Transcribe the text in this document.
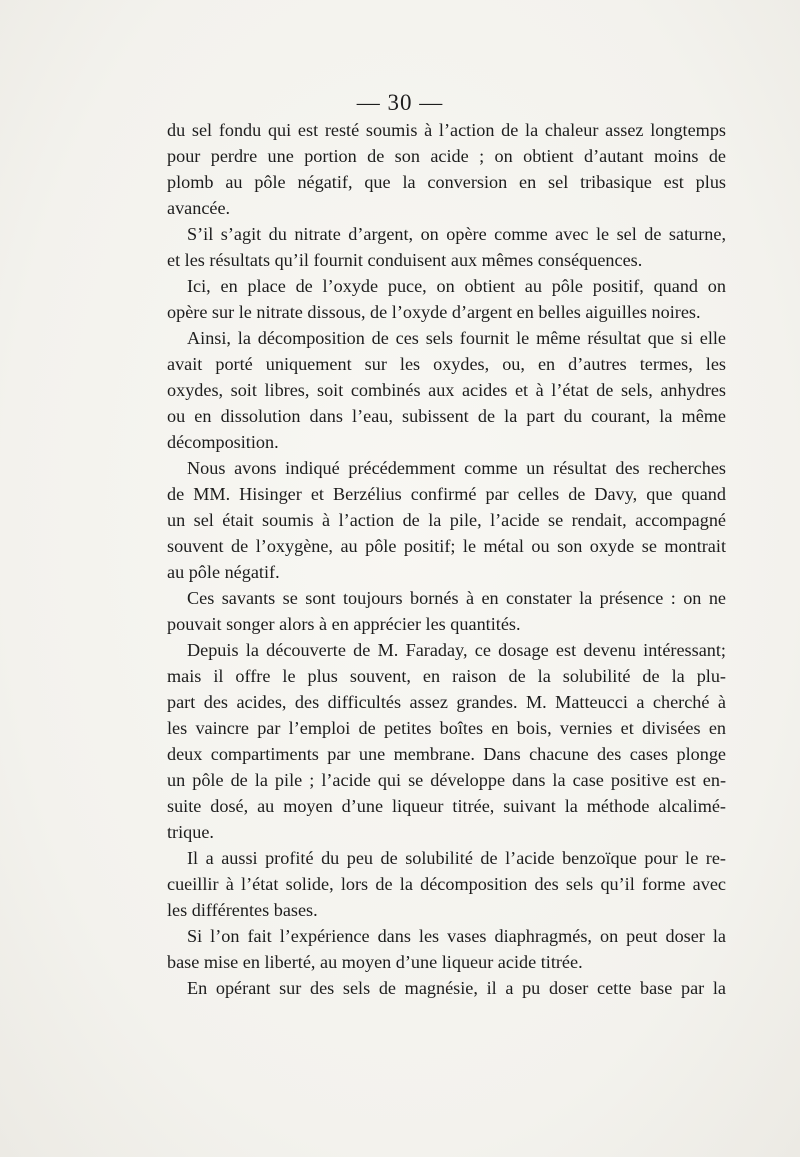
— 30 —
du sel fondu qui est resté soumis à l’action de la chaleur assez longtemps
pour perdre une portion de son acide ; on obtient d’autant moins de
plomb au pôle négatif, que la conversion en sel tribasique est plus
avancée.
S’il s’agit du nitrate d’argent, on opère comme avec le sel de saturne,
et les résultats qu’il fournit conduisent aux mêmes conséquences.
Ici, en place de l’oxyde puce, on obtient au pôle positif, quand on
opère sur le nitrate dissous, de l’oxyde d’argent en belles aiguilles noires.
Ainsi, la décomposition de ces sels fournit le même résultat que si elle
avait porté uniquement sur les oxydes, ou, en d’autres termes, les
oxydes, soit libres, soit combinés aux acides et à l’état de sels, anhydres
ou en dissolution dans l’eau, subissent de la part du courant, la même
décomposition.
Nous avons indiqué précédemment comme un résultat des recherches
de MM. Hisinger et Berzélius confirmé par celles de Davy, que quand
un sel était soumis à l’action de la pile, l’acide se rendait, accompagné
souvent de l’oxygène, au pôle positif; le métal ou son oxyde se montrait
au pôle négatif.
Ces savants se sont toujours bornés à en constater la présence : on ne
pouvait songer alors à en apprécier les quantités.
Depuis la découverte de M. Faraday, ce dosage est devenu intéressant;
mais il offre le plus souvent, en raison de la solubilité de la plu-
part des acides, des difficultés assez grandes. M. Matteucci a cherché à
les vaincre par l’emploi de petites boîtes en bois, vernies et divisées en
deux compartiments par une membrane. Dans chacune des cases plonge
un pôle de la pile ; l’acide qui se développe dans la case positive est en-
suite dosé, au moyen d’une liqueur titrée, suivant la méthode alcalimé-
trique.
Il a aussi profité du peu de solubilité de l’acide benzoïque pour le re-
cueillir à l’état solide, lors de la décomposition des sels qu’il forme avec
les différentes bases.
Si l’on fait l’expérience dans les vases diaphragmés, on peut doser la
base mise en liberté, au moyen d’une liqueur acide titrée.
En opérant sur des sels de magnésie, il a pu doser cette base par la
